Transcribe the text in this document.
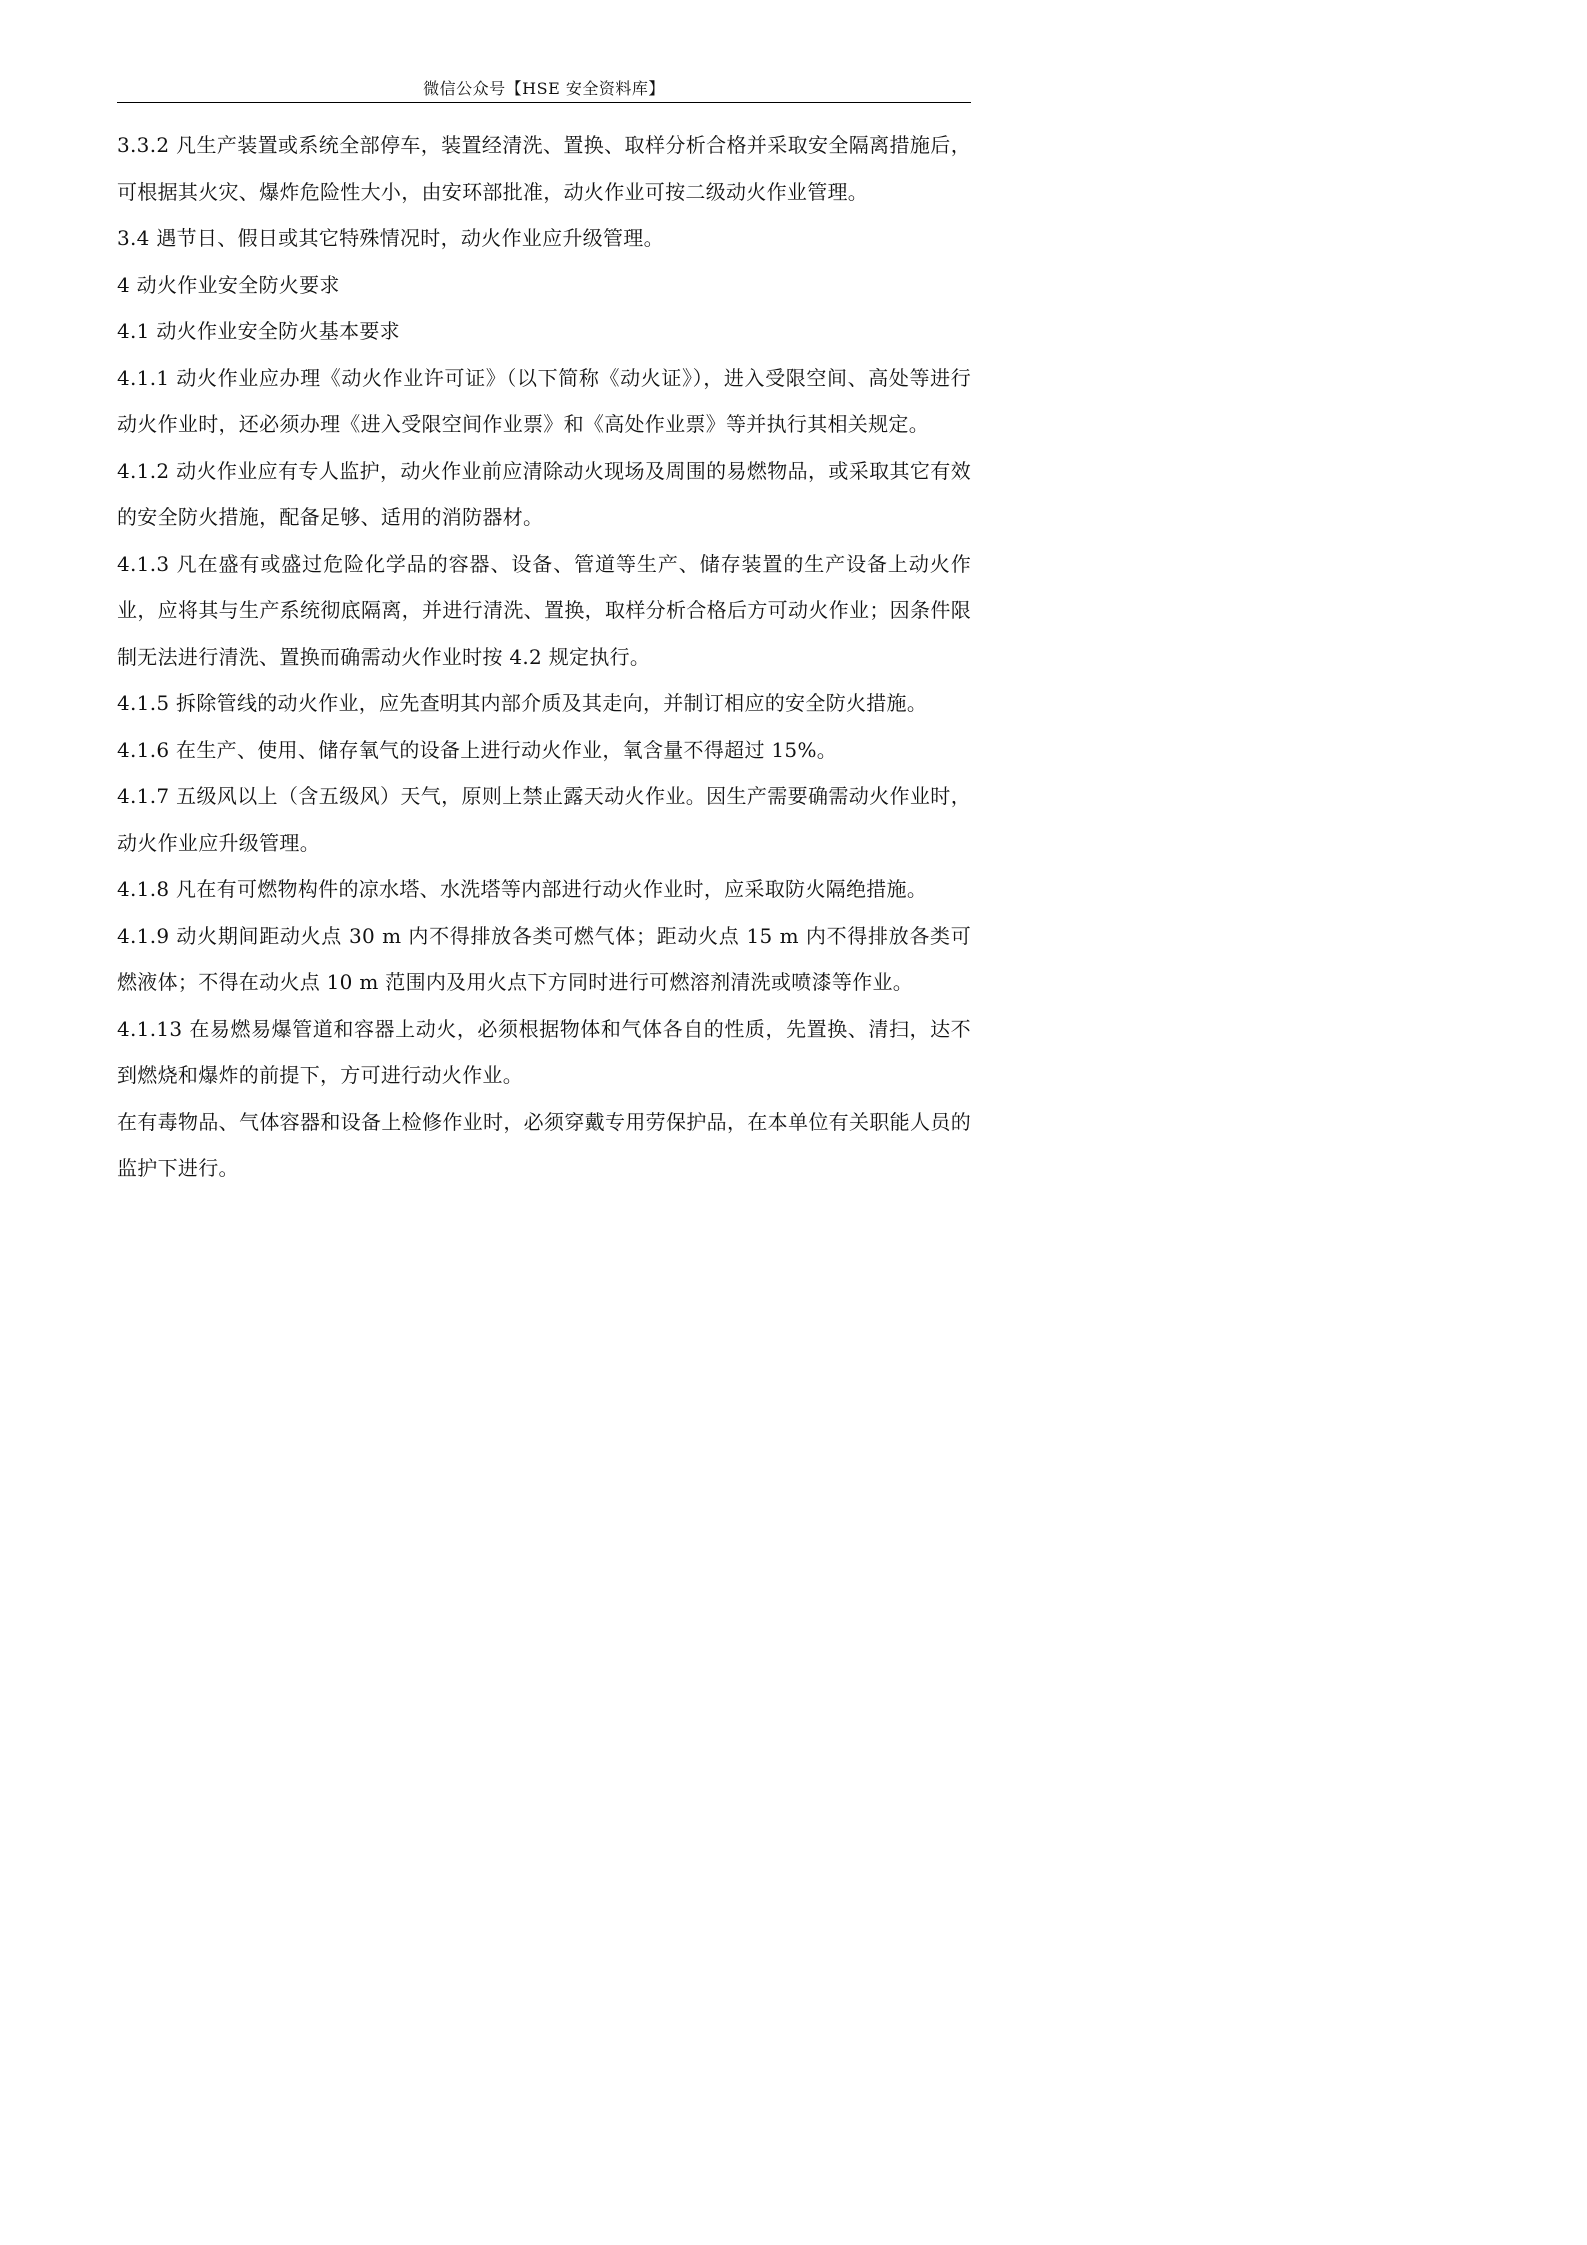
微信公众号【HSE 安全资料库】

3.3.2 凡生产装置或系统全部停车，装置经清洗、置换、取样分析合格并采取安全隔离措施后，可根据其火灾、爆炸危险性大小，由安环部批准，动火作业可按二级动火作业管理。

3.4 遇节日、假日或其它特殊情况时，动火作业应升级管理。

4 动火作业安全防火要求

4.1 动火作业安全防火基本要求

4.1.1 动火作业应办理《动火作业许可证》（以下简称《动火证》），进入受限空间、高处等进行动火作业时，还必须办理《进入受限空间作业票》和《高处作业票》等并执行其相关规定。

4.1.2 动火作业应有专人监护，动火作业前应清除动火现场及周围的易燃物品，或采取其它有效的安全防火措施，配备足够、适用的消防器材。

4.1.3 凡在盛有或盛过危险化学品的容器、设备、管道等生产、储存装置的生产设备上动火作业，应将其与生产系统彻底隔离，并进行清洗、置换，取样分析合格后方可动火作业；因条件限制无法进行清洗、置换而确需动火作业时按 4.2 规定执行。

4.1.5 拆除管线的动火作业，应先查明其内部介质及其走向，并制订相应的安全防火措施。

4.1.6 在生产、使用、储存氧气的设备上进行动火作业，氧含量不得超过 15%。

4.1.7 五级风以上（含五级风）天气，原则上禁止露天动火作业。因生产需要确需动火作业时，动火作业应升级管理。

4.1.8 凡在有可燃物构件的凉水塔、水洗塔等内部进行动火作业时，应采取防火隔绝措施。

4.1.9 动火期间距动火点 30 m 内不得排放各类可燃气体；距动火点 15 m 内不得排放各类可燃液体；不得在动火点 10 m 范围内及用火点下方同时进行可燃溶剂清洗或喷漆等作业。

4.1.13 在易燃易爆管道和容器上动火，必须根据物体和气体各自的性质，先置换、清扫，达不到燃烧和爆炸的前提下，方可进行动火作业。

在有毒物品、气体容器和设备上检修作业时，必须穿戴专用劳保护品，在本单位有关职能人员的监护下进行。
